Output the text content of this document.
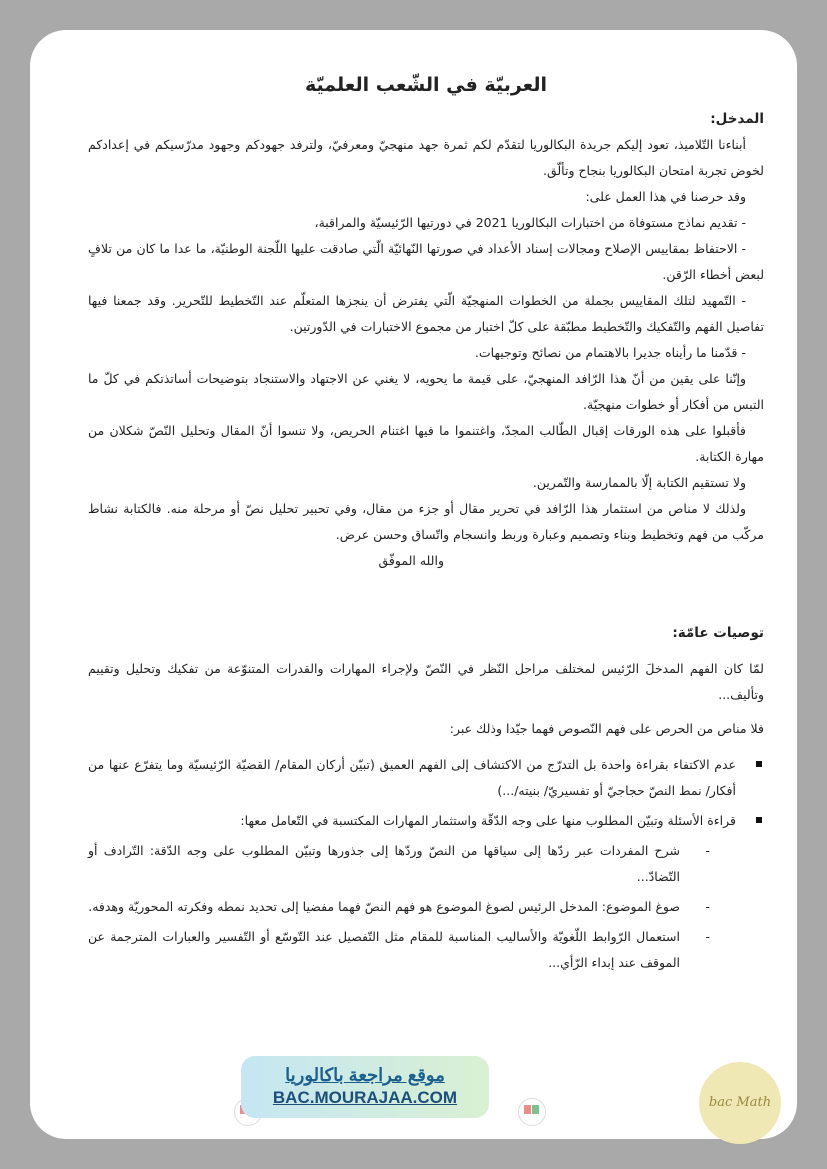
العربيّة في الشّعب العلميّة

المدخل:

أبناءنا التّلاميذ، تعود إليكم جريدة البكالوريا لتقدّم لكم ثمرة جهد منهجيّ ومعرفيّ، ولترفد جهودكم وجهود مدرّسيكم في إعدادكم لخوض تجربة امتحان البكالوريا بنجاح وتألّق.

وقد حرصنا في هذا العمل على:

- تقديم نماذج مستوفاة من اختبارات البكالوريا 2021 في دورتيها الرّئيسيّة والمراقبة،

- الاحتفاظ بمقاييس الإصلاح ومجالات إسناد الأعداد في صورتها النّهائيّة الّتي صادقت عليها اللّجنة الوطنيّة، ما عدا ما كان من تلافٍ لبعض أخطاء الرّقن.

- التّمهيد لتلك المقاييس بجملة من الخطوات المنهجيّة الّتي يفترض أن ينجزها المتعلّم عند التّخطيط للتّحرير. وقد جمعنا فيها تفاصيل الفهم والتّفكيك والتّخطيط مطبّقة على كلّ اختبار من مجموع الاختبارات في الدّورتين.

- قدّمنا ما رأيناه جديرا بالاهتمام من نصائح وتوجيهات.

وإنّنا على يقين من أنّ هذا الرّافد المنهجيّ، على قيمة ما يحويه، لا يغني عن الاجتهاد والاستنجاد بتوضيحات أساتذتكم في كلّ ما التبس من أفكار أو خطوات منهجيّة.

فأقبلوا على هذه الورقات إقبال الطّالب المجدّ، واغتنموا ما فيها اغتنام الحريص، ولا تنسوا أنّ المقال وتحليل النّصّ شكلان من مهارة الكتابة.

ولا تستقيم الكتابة إلّا بالممارسة والتّمرين.

ولذلك لا مناص من استثمار هذا الرّافد في تحرير مقال أو جزء من مقال، وفي تحبير تحليل نصّ أو مرحلة منه. فالكتابة نشاط مركّب من فهم وتخطيط وبناء وتصميم وعبارة وربط وانسجام واتّساق وحسن عرض.

والله الموفّق

توصيات عامّة:

لمّا كان الفهم المدخلَ الرّئيس لمختلف مراحل النّظر في النّصّ ولإجراء المهارات والقدرات المتنوّعة من تفكيك وتحليل وتقييم وتأليف...

فلا مناص من الحرص على فهم النّصوص فهما جيّدا وذلك عبر:

عدم الاكتفاء بقراءة واحدة بل التدرّج من الاكتشاف إلى الفهم العميق (تبيّن أركان المقام/ القضيّة الرّئيسيّة وما يتفرّع عنها من أفكار/ نمط النصّ حجاجيّ أو تفسيريّ/ بنيته/...)
قراءة الأسئلة وتبيّن المطلوب منها على وجه الدّقّة واستثمار المهارات المكتسبة في التّعامل معها:
- شرح المفردات عبر ردّها إلى سياقها من النصّ وردّها إلى جذورها وتبيّن المطلوب على وجه الدّقة: التّرادف أو التّضادّ...
- صوغ الموضوع: المدخل الرئيس لصوغ الموضوع هو فهم النصّ فهما مفضيا إلى تحديد نمطه وفكرته المحوريّة وهدفه.
- استعمال الرّوابط اللّغويّة والأساليب المناسبة للمقام مثل التّفصيل عند التّوسّع أو التّفسير والعبارات المترجمة عن الموقف عند إبداء الرّأي...
موقع مراجعة باكالوريا
BAC.MOURAJAA.COM	bac Math
